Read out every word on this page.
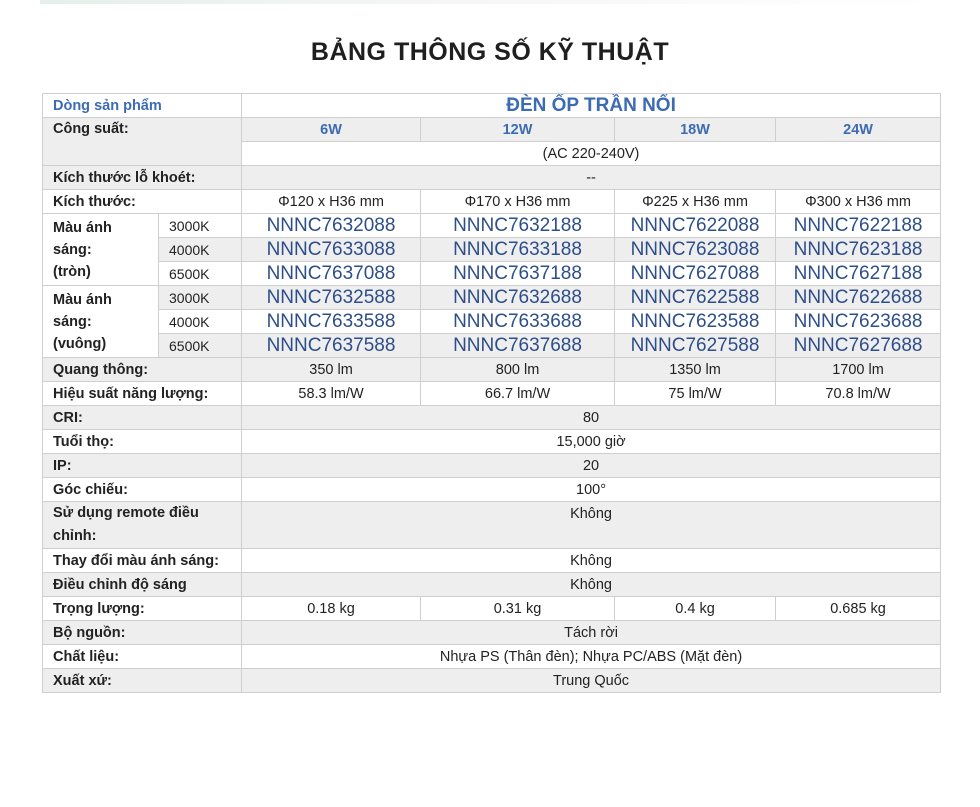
BẢNG THÔNG SỐ KỸ THUẬT
Dòng sản phẩm		ĐÈN ỐP TRẦN NỔI			
Công suất:		6W	12W	18W	24W
		(AC 220-240V)			
Kích thước lỗ khoét:		--			
Kích thước:		Φ120 x H36 mm	Φ170 x H36 mm	Φ225 x H36 mm	Φ300 x H36 mm

Màu ánh
sáng:
(tròn)	3000K	NNNC7632088	NNNC7632188	NNNC7622088	NNNC7622188
	4000K	NNNC7633088	NNNC7633188	NNNC7623088	NNNC7623188
	6500K	NNNC7637088	NNNC7637188	NNNC7627088	NNNC7627188

Màu ánh
sáng:
(vuông)	3000K	NNNC7632588	NNNC7632688	NNNC7622588	NNNC7622688
	4000K	NNNC7633588	NNNC7633688	NNNC7623588	NNNC7623688
	6500K	NNNC7637588	NNNC7637688	NNNC7627588	NNNC7627688
Quang thông:		350 lm	800 lm	1350 lm	1700 lm
Hiệu suất năng lượng:		58.3 lm/W	66.7 lm/W	75 lm/W	70.8 lm/W
CRI:		80			
Tuổi thọ:		15,000 giờ			
IP:		20			
Góc chiếu:		100°			

Sử dụng remote điều
chỉnh:		Không			
Thay đổi màu ánh sáng:		Không			
Điều chỉnh độ sáng		Không			
Trọng lượng:		0.18 kg	0.31 kg	0.4 kg	0.685 kg
Bộ nguồn:		Tách rời			
Chất liệu:		Nhựa PS (Thân đèn); Nhựa PC/ABS (Mặt đèn)			
Xuất xứ:		Trung Quốc			
